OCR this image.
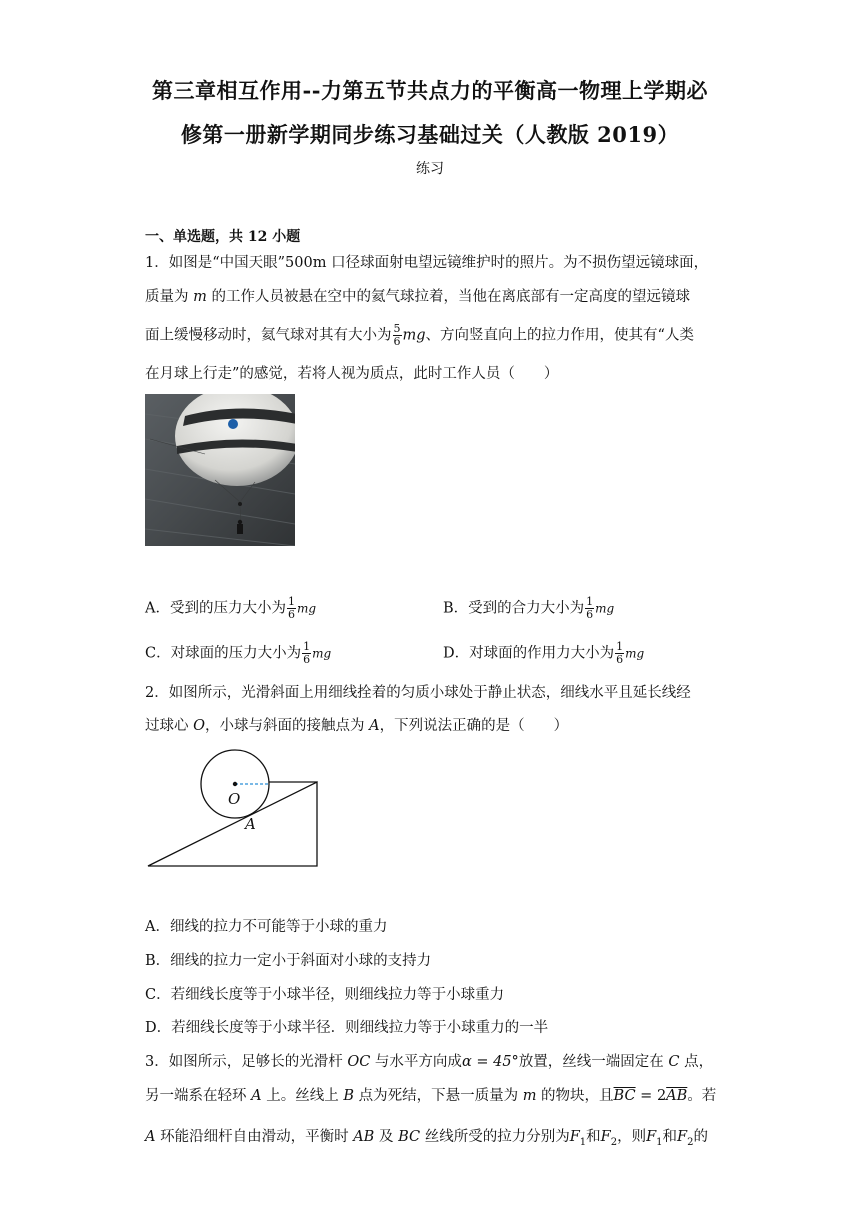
第三章相互作用--力第五节共点力的平衡高一物理上学期必
修第一册新学期同步练习基础过关（人教版 2019）
练习
一、单选题，共 12 小题
1．如图是“中国天眼”500m 口径球面射电望远镜维护时的照片。为不损伤望远镜球面，
质量为 m 的工作人员被悬在空中的氦气球拉着，当他在离底部有一定高度的望远镜球
面上缓慢移动时，氦气球对其有大小为 $\frac{5}{6}$ mg、方向竖直向上的拉力作用，使其有“人类
在月球上行走”的感觉，若将人视为质点，此时工作人员（　　）
A．受到的压力大小为 $\frac{1}{6}$ mg	B．受到的合力大小为 $\frac{1}{6}$ mg
C．对球面的压力大小为 $\frac{1}{6}$ mg	D．对球面的作用力大小为 $\frac{1}{6}$ mg
2．如图所示，光滑斜面上用细线拴着的匀质小球处于静止状态，细线水平且延长线经
过球心 O，小球与斜面的接触点为 A，下列说法正确的是（　　）
O
A
A．细线的拉力不可能等于小球的重力
B．细线的拉力一定小于斜面对小球的支持力
C．若细线长度等于小球半径，则细线拉力等于小球重力
D．若细线长度等于小球半径．则细线拉力等于小球重力的一半
3．如图所示，足够长的光滑杆 OC 与水平方向成α = 45°放置，丝线一端固定在 C 点，
另一端系在轻环 A 上。丝线上 B 点为死结，下悬一质量为 m 的物块，且$\overline{BC} = 2\overline{AB}$。若
A 环能沿细杆自由滑动，平衡时 AB 及 BC 丝线所受的拉力分别为$F_1$和$F_2$，则$F_1$和$F_2$的
